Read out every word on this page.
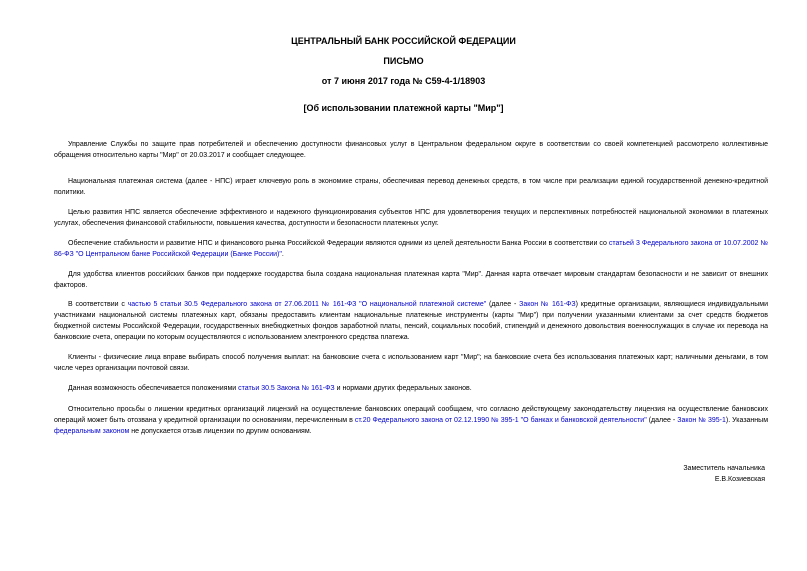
ЦЕНТРАЛЬНЫЙ БАНК РОССИЙСКОЙ ФЕДЕРАЦИИ
ПИСЬМО
от 7 июня 2017 года № С59-4-1/18903
[Об использовании платежной карты "Мир"]

Управление Службы по защите прав потребителей и обеспечению доступности финансовых услуг в Центральном федеральном округе в соответствии со своей компетенцией рассмотрело коллективные обращения относительно карты "Мир" от 20.03.2017 и сообщает следующее.

Национальная платежная система (далее - НПС) играет ключевую роль в экономике страны, обеспечивая перевод денежных средств, в том числе при реализации единой государственной денежно-кредитной политики.

Целью развития НПС является обеспечение эффективного и надежного функционирования субъектов НПС для удовлетворения текущих и перспективных потребностей национальной экономики в платежных услугах, обеспечения финансовой стабильности, повышения качества, доступности и безопасности платежных услуг.

Обеспечение стабильности и развитие НПС и финансового рынка Российской Федерации являются одними из целей деятельности Банка России в соответствии со статьей 3 Федерального закона от 10.07.2002 № 86-ФЗ "О Центральном банке Российской Федерации (Банке России)".

Для удобства клиентов российских банков при поддержке государства была создана национальная платежная карта "Мир". Данная карта отвечает мировым стандартам безопасности и не зависит от внешних факторов.

В соответствии с частью 5 статьи 30.5 Федерального закона от 27.06.2011 № 161-ФЗ "О национальной платежной системе" (далее - Закон № 161-ФЗ) кредитные организации, являющиеся индивидуальными участниками национальной системы платежных карт, обязаны предоставить клиентам национальные платежные инструменты (карты "Мир") при получении указанными клиентами за счет средств бюджетов бюджетной системы Российской Федерации, государственных внебюджетных фондов заработной платы, пенсий, социальных пособий, стипендий и денежного довольствия военнослужащих в случае их перевода на банковские счета, операции по которым осуществляются с использованием электронного средства платежа.

Клиенты - физические лица вправе выбирать способ получения выплат: на банковские счета с использованием карт "Мир"; на банковские счета без использования платежных карт; наличными деньгами, в том числе через организации почтовой связи.

Данная возможность обеспечивается положениями статьи 30.5 Закона № 161-ФЗ и нормами других федеральных законов.

Относительно просьбы о лишении кредитных организаций лицензий на осуществление банковских операций сообщаем, что согласно действующему законодательству лицензия на осуществление банковских операций может быть отозвана у кредитной организации по основаниям, перечисленным в ст.20 Федерального закона от 02.12.1990 № 395-1 "О банках и банковской деятельности" (далее - Закон № 395-1). Указанным федеральным законом не допускается отзыв лицензии по другим основаниям.

Заместитель начальника
Е.В.Козиевская
